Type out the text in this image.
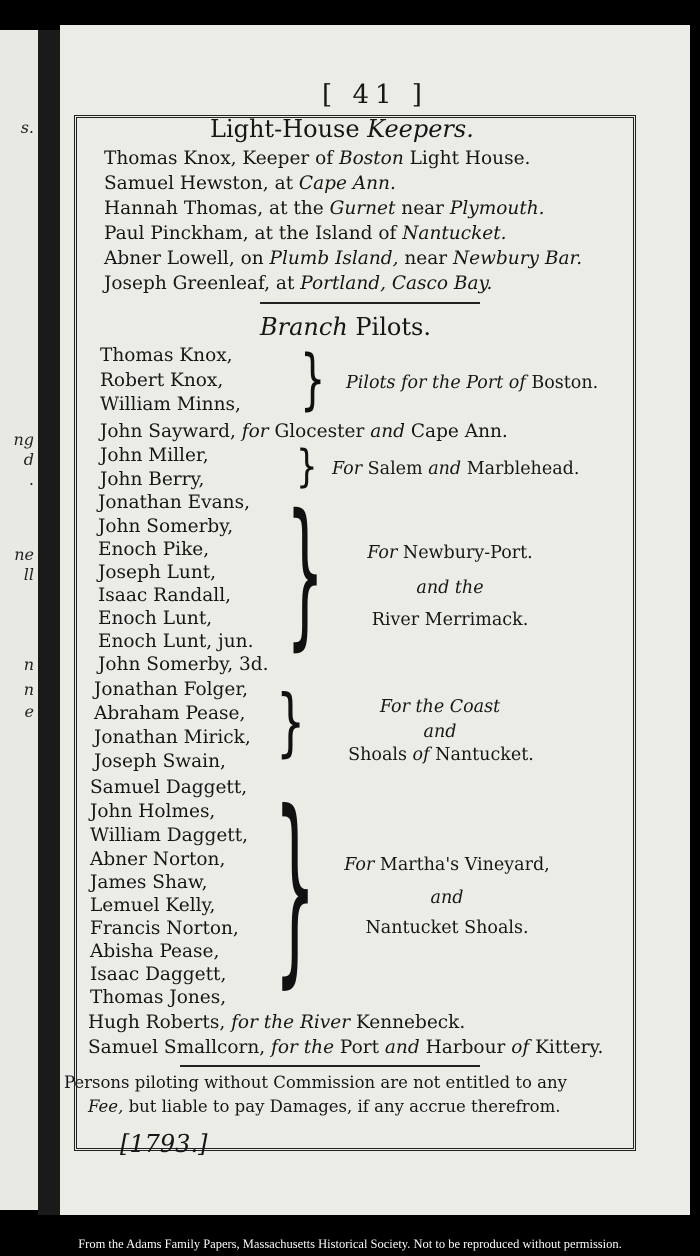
s.
ng
d
.
ne
ll
n
n
e
[ 41 ]
Light-House Keepers.
Thomas Knox, Keeper of Boston Light House.
Samuel Hewston, at Cape Ann.
Hannah Thomas, at the Gurnet near Plymouth.
Paul Pinckham, at the Island of Nantucket.
Abner Lowell, on Plumb Island, near Newbury Bar.
Joseph Greenleaf, at Portland, Casco Bay.
Branch Pilots.
Thomas Knox,
Robert Knox,
William Minns, } Pilots for the Port of Boston.
John Sayward, for Glocester and Cape Ann.
John Miller,
John Berry,	} For Salem and Marblehead.
Jonathan Evans,
John Somerby,
Enoch Pike,
Joseph Lunt,
Isaac Randall,
Enoch Lunt,
Enoch Lunt, jun.
John Somerby, 3d. }	For Newbury-Port.
and the
River Merrimack.
Jonathan Folger,
Abraham Pease,
Jonathan Mirick,
Joseph Swain, }	For the Coast
and
Shoals of Nantucket.
Samuel Daggett,
John Holmes,
William Daggett,
Abner Norton,
James Shaw,
Lemuel Kelly,
Francis Norton,
Abisha Pease,
Isaac Daggett,
Thomas Jones, }	For Martha's Vineyard,
and
Nantucket Shoals.
Hugh Roberts, for the River Kennebeck.
Samuel Smallcorn, for the Port and Harbour of Kittery.
Persons piloting without Commission are not entitled to any
Fee, but liable to pay Damages, if any accrue therefrom.
[1793.]
From the Adams Family Papers, Massachusetts Historical Society. Not to be reproduced without permission.
